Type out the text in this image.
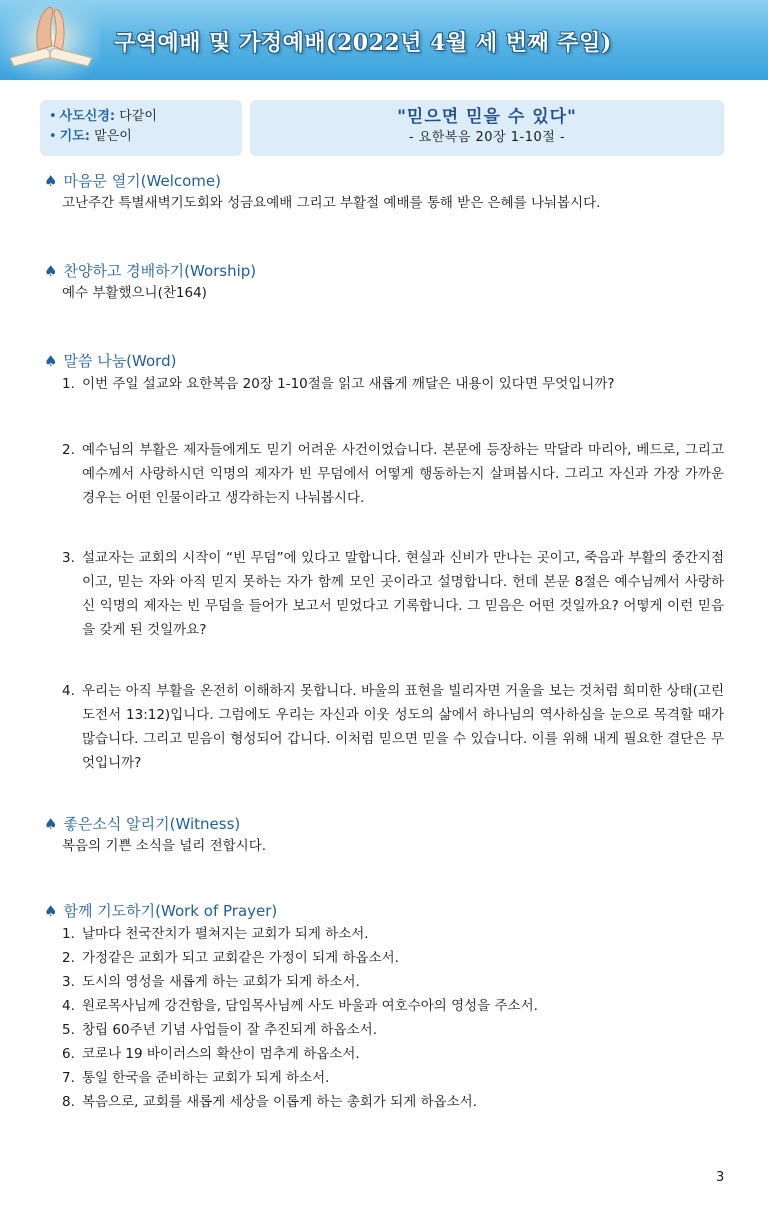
구역예배 및 가정예배(2022년 4월 세 번째 주일)
• 사도신경: 다같이
• 기도: 맡은이
"믿으면 믿을 수 있다"
- 요한복음 20장 1-10절 -
♠ 마음문 열기(Welcome)
고난주간 특별새벽기도회와 성금요예배 그리고 부활절 예배를 통해 받은 은혜를 나눠봅시다.
♠ 찬양하고 경배하기(Worship)
예수 부활했으니(찬164)
♠ 말씀 나눔(Word)
1. 이번 주일 설교와 요한복음 20장 1-10절을 읽고 새롭게 깨달은 내용이 있다면 무엇입니까?
2. 예수님의 부활은 제자들에게도 믿기 어려운 사건이었습니다. 본문에 등장하는 막달라 마리아, 베드로, 그리고 예수께서 사랑하시던 익명의 제자가 빈 무덤에서 어떻게 행동하는지 살펴봅시다. 그리고 자신과 가장 가까운 경우는 어떤 인물이라고 생각하는지 나눠봅시다.
3. 설교자는 교회의 시작이 “빈 무덤”에 있다고 말합니다. 현실과 신비가 만나는 곳이고, 죽음과 부활의 중간지점이고, 믿는 자와 아직 믿지 못하는 자가 함께 모인 곳이라고 설명합니다. 헌데 본문 8절은 예수님께서 사랑하신 익명의 제자는 빈 무덤을 들어가 보고서 믿었다고 기록합니다. 그 믿음은 어떤 것일까요? 어떻게 이런 믿음을 갖게 된 것일까요?
4. 우리는 아직 부활을 온전히 이해하지 못합니다. 바울의 표현을 빌리자면 거울을 보는 것처럼 희미한 상태(고린도전서 13:12)입니다. 그럼에도 우리는 자신과 이웃 성도의 삶에서 하나님의 역사하심을 눈으로 목격할 때가 많습니다. 그리고 믿음이 형성되어 갑니다. 이처럼 믿으면 믿을 수 있습니다. 이를 위해 내게 필요한 결단은 무엇입니까?
♠ 좋은소식 알리기(Witness)
복음의 기쁜 소식을 널리 전합시다.
♠ 함께 기도하기(Work of Prayer)
1. 날마다 천국잔치가 펼쳐지는 교회가 되게 하소서.
2. 가정같은 교회가 되고 교회같은 가정이 되게 하옵소서.
3. 도시의 영성을 새롭게 하는 교회가 되게 하소서.
4. 원로목사님께 강건함을, 담임목사님께 사도 바울과 여호수아의 영성을 주소서.
5. 창립 60주년 기념 사업들이 잘 추진되게 하옵소서.
6. 코로나 19 바이러스의 확산이 멈추게 하옵소서.
7. 통일 한국을 준비하는 교회가 되게 하소서.
8. 복음으로, 교회를 새롭게 세상을 이롭게 하는 총회가 되게 하옵소서.
3
